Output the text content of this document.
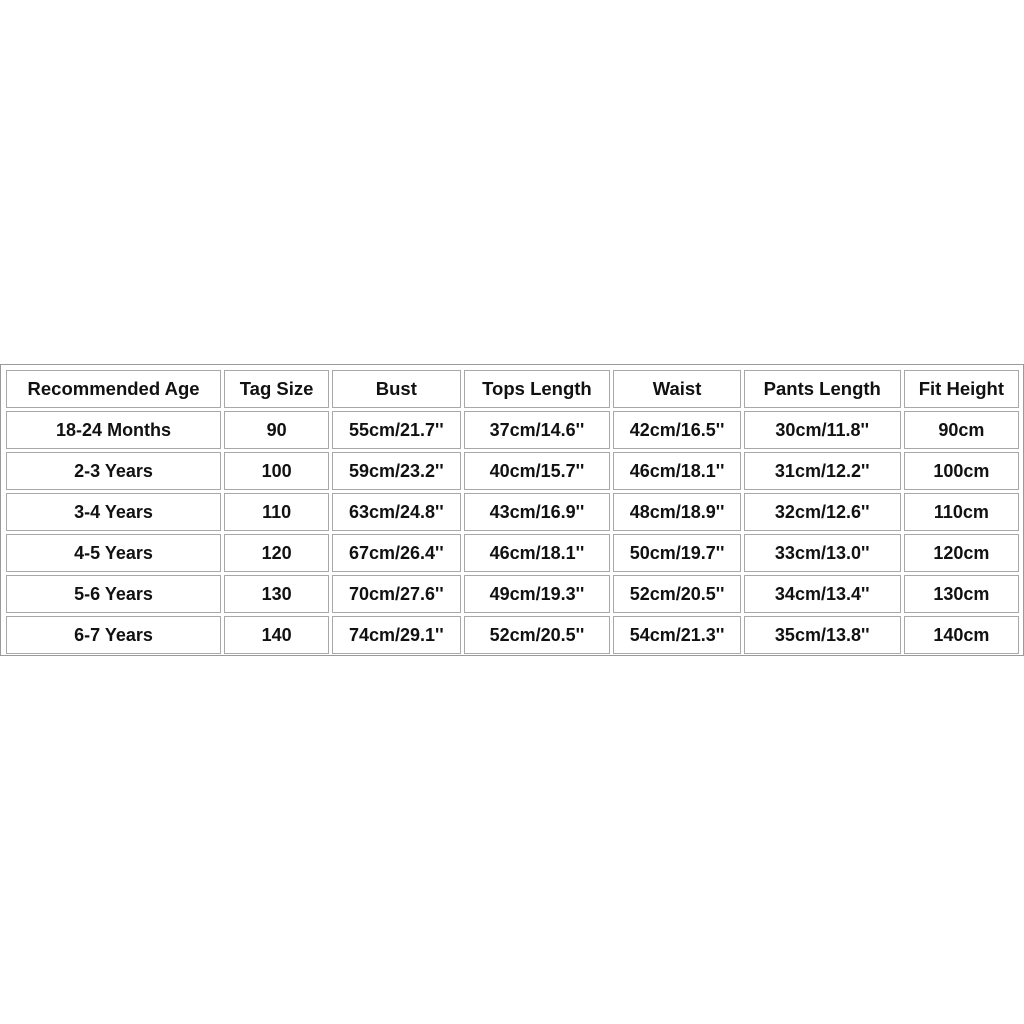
Recommended Age	Tag Size	Bust	Tops Length	Waist	Pants Length	Fit Height
18-24 Months	90	55cm/21.7''	37cm/14.6''	42cm/16.5''	30cm/11.8''	90cm
2-3 Years	100	59cm/23.2''	40cm/15.7''	46cm/18.1''	31cm/12.2''	100cm
3-4 Years	110	63cm/24.8''	43cm/16.9''	48cm/18.9''	32cm/12.6''	110cm
4-5 Years	120	67cm/26.4''	46cm/18.1''	50cm/19.7''	33cm/13.0''	120cm
5-6 Years	130	70cm/27.6''	49cm/19.3''	52cm/20.5''	34cm/13.4''	130cm
6-7 Years	140	74cm/29.1''	52cm/20.5''	54cm/21.3''	35cm/13.8''	140cm
